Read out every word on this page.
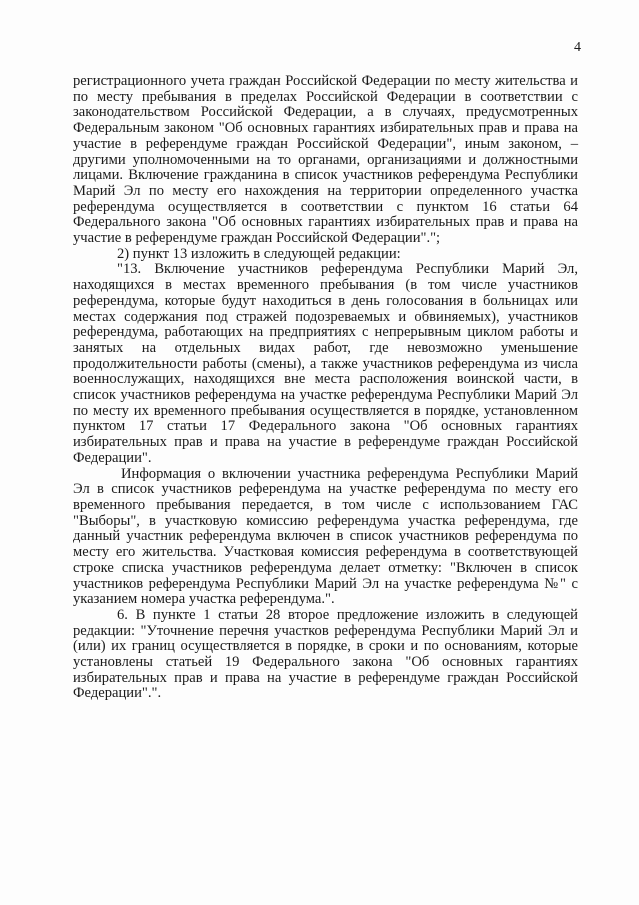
4

регистрационного учета граждан Российской Федерации по месту жительства и по месту пребывания в пределах Российской Федерации в соответствии с законодательством Российской Федерации, а в случаях, предусмотренных Федеральным законом "Об основных гарантиях избирательных прав и права на участие в референдуме граждан Российской Федерации", иным законом, – другими уполномоченными на то органами, организациями и должностными лицами. Включение гражданина в список участников референдума Республики Марий Эл по месту его нахождения на территории определенного участка референдума осуществляется в соответствии с пунктом 16 статьи 64 Федерального закона "Об основных гарантиях избирательных прав и права на участие в референдуме граждан Российской Федерации".";

2) пункт 13 изложить в следующей редакции:

"13. Включение участников референдума Республики Марий Эл, находящихся в местах временного пребывания (в том числе участников референдума, которые будут находиться в день голосования в больницах или местах содержания под стражей подозреваемых и обвиняемых), участников референдума, работающих на предприятиях с непрерывным циклом работы и занятых на отдельных видах работ, где невозможно уменьшение продолжительности работы (смены), а также участников референдума из числа военнослужащих, находящихся вне места расположения воинской части, в список участников референдума на участке референдума Республики Марий Эл по месту их временного пребывания осуществляется в порядке, установленном пунктом 17 статьи 17 Федерального закона "Об основных гарантиях избирательных прав и права на участие в референдуме граждан Российской Федерации".

Информация о включении участника референдума Республики Марий Эл в список участников референдума на участке референдума по месту его временного пребывания передается, в том числе с использованием ГАС "Выборы", в участковую комиссию референдума участка референдума, где данный участник референдума включен в список участников референдума по месту его жительства. Участковая комиссия референдума в соответствующей строке списка участников референдума делает отметку: "Включен в список участников референдума Республики Марий Эл на участке референдума №" с указанием номера участка референдума.".

6. В пункте 1 статьи 28 второе предложение изложить в следующей редакции: "Уточнение перечня участков референдума Республики Марий Эл и (или) их границ осуществляется в порядке, в сроки и по основаниям, которые установлены статьей 19 Федерального закона "Об основных гарантиях избирательных прав и права на участие в референдуме граждан Российской Федерации".".
